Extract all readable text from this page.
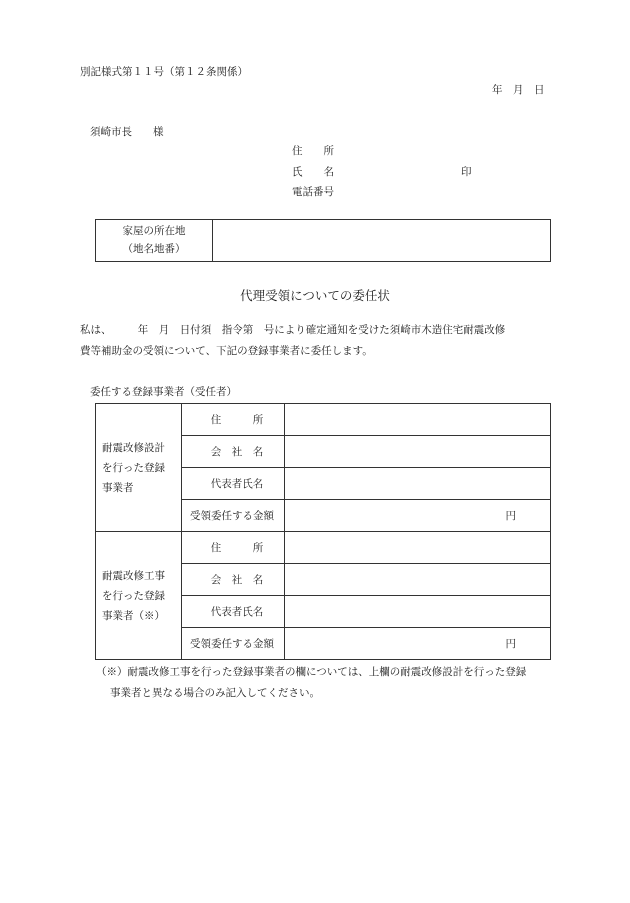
別記様式第１１号（第１２条関係）
年　月　日
須崎市長　　様
住　　所
氏　　名	印
電話番号
家屋の所在地
（地名地番）
代理受領についての委任状
私は、　　　年　月　日付須　指令第　号により確定通知を受けた須崎市木造住宅耐震改修
費等補助金の受領について、下記の登録事業者に委任します。
委任する登録事業者（受任者）
耐震改修設計
を行った登録
事業者	住　　　所	

	会　社　名	

	代表者氏名	

	受領委任する金額	円

耐震改修工事
を行った登録
事業者（※）	住　　　所	

	会　社　名	

	代表者氏名	

	受領委任する金額	円
（※）耐震改修工事を行った登録事業者の欄については、上欄の耐震改修設計を行った登録
事業者と異なる場合のみ記入してください。
